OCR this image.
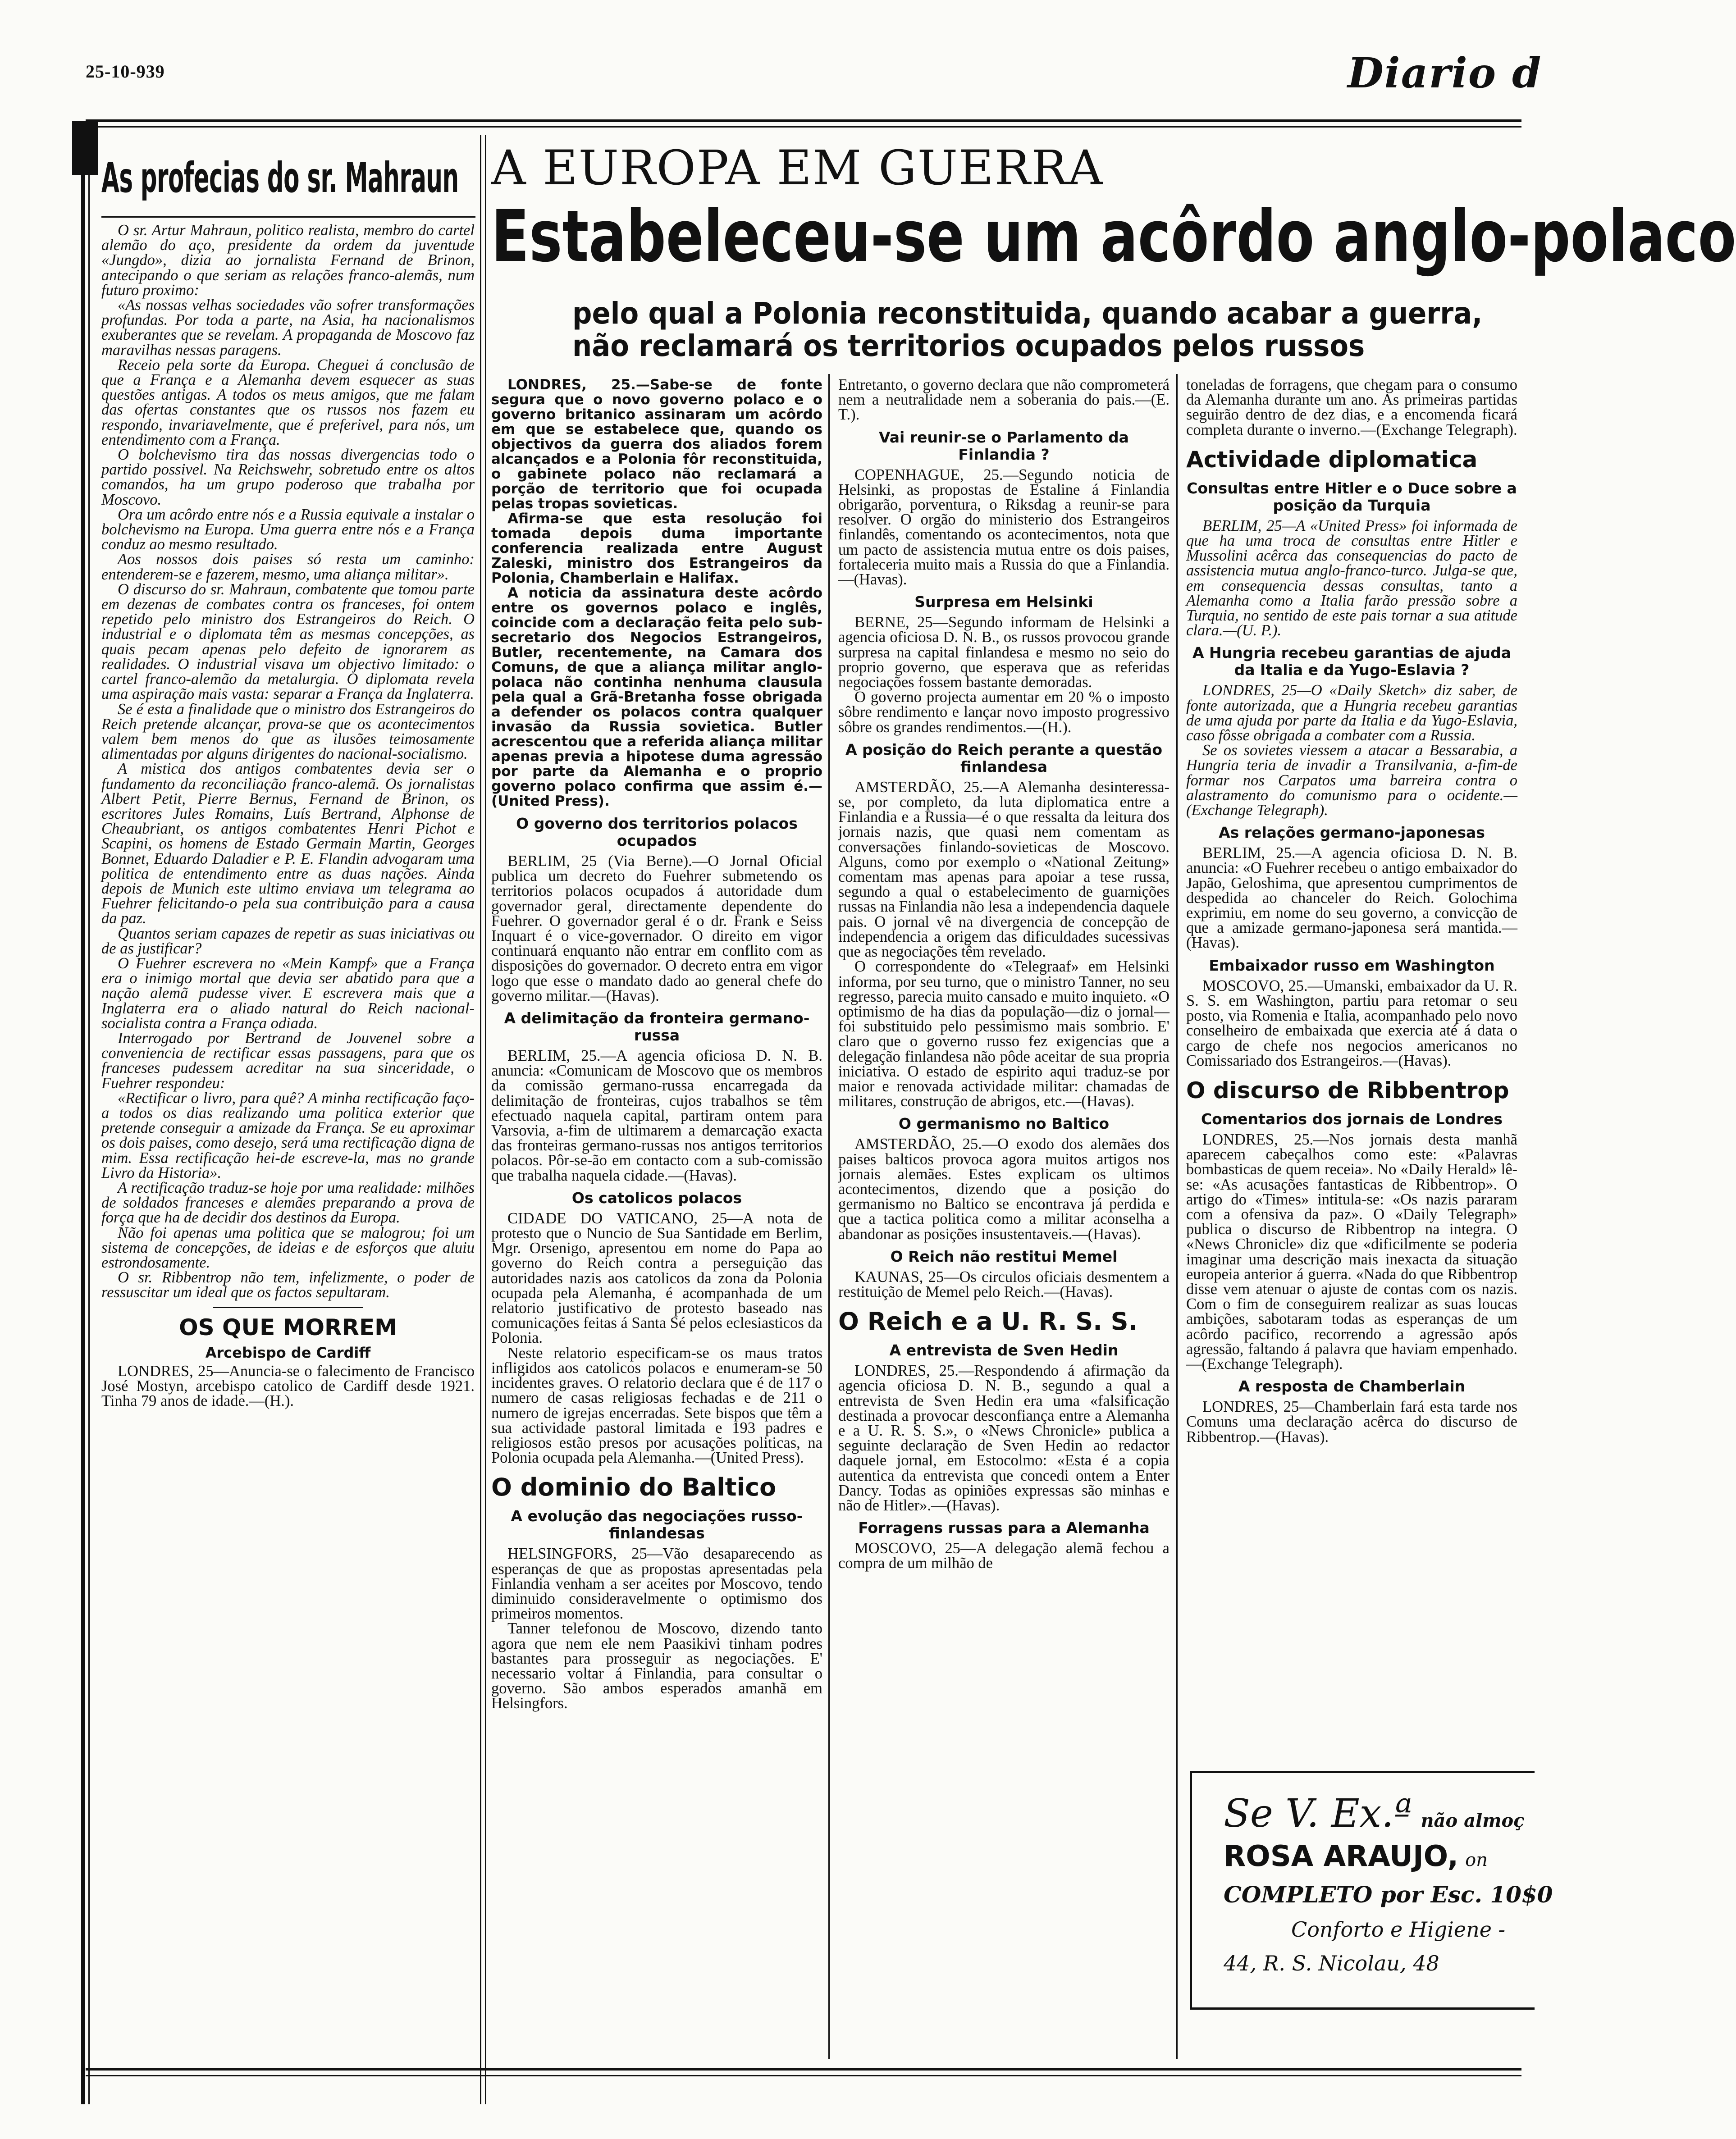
25-10-939	Diario d
As profecias do sr. Mahraun

O sr. Artur Mahraun, politico realista, membro do cartel alemão do aço, presidente da ordem da juventude «Jungdo», dizia ao jornalista Fernand de Brinon, antecipando o que seriam as relações franco-alemãs, num futuro proximo:

«As nossas velhas sociedades vão sofrer transformações profundas. Por toda a parte, na Asia, ha nacionalismos exuberantes que se revelam. A propaganda de Moscovo faz maravilhas nessas paragens.

Receio pela sorte da Europa. Cheguei á conclusão de que a França e a Alemanha devem esquecer as suas questões antigas. A todos os meus amigos, que me falam das ofertas constantes que os russos nos fazem eu respondo, invariavelmente, que é preferivel, para nós, um entendimento com a França.

O bolchevismo tira das nossas divergencias todo o partido possivel. Na Reichswehr, sobretudo entre os altos comandos, ha um grupo poderoso que trabalha por Moscovo.

Ora um acôrdo entre nós e a Russia equivale a instalar o bolchevismo na Europa. Uma guerra entre nós e a França conduz ao mesmo resultado.

Aos nossos dois paises só resta um caminho: entenderem-se e fazerem, mesmo, uma aliança militar».

O discurso do sr. Mahraun, combatente que tomou parte em dezenas de combates contra os franceses, foi ontem repetido pelo ministro dos Estrangeiros do Reich. O industrial e o diplomata têm as mesmas concepções, as quais pecam apenas pelo defeito de ignorarem as realidades. O industrial visava um objectivo limitado: o cartel franco-alemão da metalurgia. O diplomata revela uma aspiração mais vasta: separar a França da Inglaterra.

Se é esta a finalidade que o ministro dos Estrangeiros do Reich pretende alcançar, prova-se que os acontecimentos valem bem menos do que as ilusões teimosamente alimentadas por alguns dirigentes do nacional-socialismo.

A mistica dos antigos combatentes devia ser o fundamento da reconciliação franco-alemã. Os jornalistas Albert Petit, Pierre Bernus, Fernand de Brinon, os escritores Jules Romains, Luís Bertrand, Alphonse de Cheaubriant, os antigos combatentes Henri Pichot e Scapini, os homens de Estado Germain Martin, Georges Bonnet, Eduardo Daladier e P. E. Flandin advogaram uma politica de entendimento entre as duas nações. Ainda depois de Munich este ultimo enviava um telegrama ao Fuehrer felicitando-o pela sua contribuição para a causa da paz.

Quantos seriam capazes de repetir as suas iniciativas ou de as justificar?

O Fuehrer escrevera no «Mein Kampf» que a França era o inimigo mortal que devia ser abatido para que a nação alemã pudesse viver. E escrevera mais que a Inglaterra era o aliado natural do Reich nacional-socialista contra a França odiada.

Interrogado por Bertrand de Jouvenel sobre a conveniencia de rectificar essas passagens, para que os franceses pudessem acreditar na sua sinceridade, o Fuehrer respondeu:

«Rectificar o livro, para quê? A minha rectificação faço-a todos os dias realizando uma politica exterior que pretende conseguir a amizade da França. Se eu aproximar os dois paises, como desejo, será uma rectificação digna de mim. Essa rectificação hei-de escreve-la, mas no grande Livro da Historia».

A rectificação traduz-se hoje por uma realidade: milhões de soldados franceses e alemães preparando a prova de força que ha de decidir dos destinos da Europa.

Não foi apenas uma politica que se malogrou; foi um sistema de concepções, de ideias e de esforços que aluiu estrondosamente.

O sr. Ribbentrop não tem, infelizmente, o poder de ressuscitar um ideal que os factos sepultaram.

OS QUE MORREM
Arcebispo de Cardiff

LONDRES, 25—Anuncia-se o falecimento de Francisco José Mostyn, arcebispo catolico de Cardiff desde 1921. Tinha 79 anos de idade.—(H.).

A EUROPA EM GUERRA
Estabeleceu-se um acôrdo anglo-polaco
pelo qual a Polonia reconstituida, quando acabar a guerra,
não reclamará os territorios ocupados pelos russos

LONDRES, 25.—Sabe-se de fonte segura que o novo governo polaco e o governo britanico assinaram um acôrdo em que se estabelece que, quando os objectivos da guerra dos aliados forem alcançados e a Polonia fôr reconstituida, o gabinete polaco não reclamará a porção de territorio que foi ocupada pelas tropas sovieticas.

Afirma-se que esta resolução foi tomada depois duma importante conferencia realizada entre August Zaleski, ministro dos Estrangeiros da Polonia, Chamberlain e Halifax.

A noticia da assinatura deste acôrdo entre os governos polaco e inglês, coincide com a declaração feita pelo sub-secretario dos Negocios Estrangeiros, Butler, recentemente, na Camara dos Comuns, de que a aliança militar anglo-polaca não continha nenhuma clausula pela qual a Grã-Bretanha fosse obrigada a defender os polacos contra qualquer invasão da Russia sovietica. Butler acrescentou que a referida aliança militar apenas previa a hipotese duma agressão por parte da Alemanha e o proprio governo polaco confirma que assim é.—(United Press).

O governo dos territorios polacos ocupados

BERLIM, 25 (Via Berne).—O Jornal Oficial publica um decreto do Fuehrer submetendo os territorios polacos ocupados á autoridade dum governador geral, directamente dependente do Fuehrer. O governador geral é o dr. Frank e Seiss Inquart é o vice-governador. O direito em vigor continuará enquanto não entrar em conflito com as disposições do governador. O decreto entra em vigor logo que esse o mandato dado ao general chefe do governo militar.—(Havas).

A delimitação da fronteira germano-russa

BERLIM, 25.—A agencia oficiosa D. N. B. anuncia: «Comunicam de Moscovo que os membros da comissão germano-russa encarregada da delimitação de fronteiras, cujos trabalhos se têm efectuado naquela capital, partiram ontem para Varsovia, a-fim de ultimarem a demarcação exacta das fronteiras germano-russas nos antigos territorios polacos. Pôr-se-ão em contacto com a sub-comissão que trabalha naquela cidade.—(Havas).

Os catolicos polacos

CIDADE DO VATICANO, 25—A nota de protesto que o Nuncio de Sua Santidade em Berlim, Mgr. Orsenigo, apresentou em nome do Papa ao governo do Reich contra a perseguição das autoridades nazis aos catolicos da zona da Polonia ocupada pela Alemanha, é acompanhada de um relatorio justificativo de protesto baseado nas comunicações feitas á Santa Sé pelos eclesiasticos da Polonia.

Neste relatorio especificam-se os maus tratos infligidos aos catolicos polacos e enumeram-se 50 incidentes graves. O relatorio declara que é de 117 o numero de casas religiosas fechadas e de 211 o numero de igrejas encerradas. Sete bispos que têm a sua actividade pastoral limitada e 193 padres e religiosos estão presos por acusações politicas, na Polonia ocupada pela Alemanha.—(United Press).

O dominio do Baltico
A evolução das negociações russo-finlandesas

HELSINGFORS, 25—Vão desaparecendo as esperanças de que as propostas apresentadas pela Finlandia venham a ser aceites por Moscovo, tendo diminuido consideravelmente o optimismo dos primeiros momentos.

Tanner telefonou de Moscovo, dizendo tanto agora que nem ele nem Paasikivi tinham podres bastantes para prosseguir as negociações. E' necessario voltar á Finlandia, para consultar o governo. São ambos esperados amanhã em Helsingfors.

Entretanto, o governo declara que não comprometerá nem a neutralidade nem a soberania do pais.—(E. T.).

Vai reunir-se o Parlamento da Finlandia ?

COPENHAGUE, 25.—Segundo noticia de Helsinki, as propostas de Estaline á Finlandia obrigarão, porventura, o Riksdag a reunir-se para resolver. O orgão do ministerio dos Estrangeiros finlandês, comentando os acontecimentos, nota que um pacto de assistencia mutua entre os dois paises, fortaleceria muito mais a Russia do que a Finlandia.—(Havas).

Surpresa em Helsinki

BERNE, 25—Segundo informam de Helsinki a agencia oficiosa D. N. B., os russos provocou grande surpresa na capital finlandesa e mesmo no seio do proprio governo, que esperava que as referidas negociações fossem bastante demoradas.

O governo projecta aumentar em 20 % o imposto sôbre rendimento e lançar novo imposto progressivo sôbre os grandes rendimentos.—(H.).

A posição do Reich perante a questão finlandesa

AMSTERDÃO, 25.—A Alemanha desinteressa-se, por completo, da luta diplomatica entre a Finlandia e a Russia—é o que ressalta da leitura dos jornais nazis, que quasi nem comentam as conversações finlando-sovieticas de Moscovo. Alguns, como por exemplo o «National Zeitung» comentam mas apenas para apoiar a tese russa, segundo a qual o estabelecimento de guarnições russas na Finlandia não lesa a independencia daquele pais. O jornal vê na divergencia de concepção de independencia a origem das dificuldades sucessivas que as negociações têm revelado.

O correspondente do «Telegraaf» em Helsinki informa, por seu turno, que o ministro Tanner, no seu regresso, parecia muito cansado e muito inquieto. «O optimismo de ha dias da população—diz o jornal—foi substituido pelo pessimismo mais sombrio. E' claro que o governo russo fez exigencias que a delegação finlandesa não pôde aceitar de sua propria iniciativa. O estado de espirito aqui traduz-se por maior e renovada actividade militar: chamadas de militares, construção de abrigos, etc.—(Havas).

O germanismo no Baltico

AMSTERDÃO, 25.—O exodo dos alemães dos paises balticos provoca agora muitos artigos nos jornais alemães. Estes explicam os ultimos acontecimentos, dizendo que a posição do germanismo no Baltico se encontrava já perdida e que a tactica politica como a militar aconselha a abandonar as posições insustentaveis.—(Havas).

O Reich não restitui Memel

KAUNAS, 25—Os circulos oficiais desmentem a restituição de Memel pelo Reich.—(Havas).

O Reich e a U. R. S. S.
A entrevista de Sven Hedin

LONDRES, 25.—Respondendo á afirmação da agencia oficiosa D. N. B., segundo a qual a entrevista de Sven Hedin era uma «falsificação destinada a provocar desconfiança entre a Alemanha e a U. R. S. S.», o «News Chronicle» publica a seguinte declaração de Sven Hedin ao redactor daquele jornal, em Estocolmo: «Esta é a copia autentica da entrevista que concedi ontem a Enter Dancy. Todas as opiniões expressas são minhas e não de Hitler».—(Havas).

Forragens russas para a Alemanha

MOSCOVO, 25—A delegação alemã fechou a compra de um milhão de

toneladas de forragens, que chegam para o consumo da Alemanha durante um ano. As primeiras partidas seguirão dentro de dez dias, e a encomenda ficará completa durante o inverno.—(Exchange Telegraph).

Actividade diplomatica
Consultas entre Hitler e o Duce sobre a posição da Turquia

BERLIM, 25—A «United Press» foi informada de que ha uma troca de consultas entre Hitler e Mussolini acêrca das consequencias do pacto de assistencia mutua anglo-franco-turco. Julga-se que, em consequencia dessas consultas, tanto a Alemanha como a Italia farão pressão sobre a Turquia, no sentido de este pais tornar a sua atitude clara.—(U. P.).

A Hungria recebeu garantias de ajuda da Italia e da Yugo-Eslavia ?

LONDRES, 25—O «Daily Sketch» diz saber, de fonte autorizada, que a Hungria recebeu garantias de uma ajuda por parte da Italia e da Yugo-Eslavia, caso fôsse obrigada a combater com a Russia.

Se os sovietes viessem a atacar a Bessarabia, a Hungria teria de invadir a Transilvania, a-fim-de formar nos Carpatos uma barreira contra o alastramento do comunismo para o ocidente.—(Exchange Telegraph).

As relações germano-japonesas

BERLIM, 25.—A agencia oficiosa D. N. B. anuncia: «O Fuehrer recebeu o antigo embaixador do Japão, Geloshima, que apresentou cumprimentos de despedida ao chanceler do Reich. Golochima exprimiu, em nome do seu governo, a convicção de que a amizade germano-japonesa será mantida.—(Havas).

Embaixador russo em Washington

MOSCOVO, 25.—Umanski, embaixador da U. R. S. S. em Washington, partiu para retomar o seu posto, via Romenia e Italia, acompanhado pelo novo conselheiro de embaixada que exercia até á data o cargo de chefe nos negocios americanos no Comissariado dos Estrangeiros.—(Havas).

O discurso de Ribbentrop
Comentarios dos jornais de Londres

LONDRES, 25.—Nos jornais desta manhã aparecem cabeçalhos como este: «Palavras bombasticas de quem receia». No «Daily Herald» lê-se: «As acusações fantasticas de Ribbentrop». O artigo do «Times» intitula-se: «Os nazis pararam com a ofensiva da paz». O «Daily Telegraph» publica o discurso de Ribbentrop na integra. O «News Chronicle» diz que «dificilmente se poderia imaginar uma descrição mais inexacta da situação europeia anterior á guerra. «Nada do que Ribbentrop disse vem atenuar o ajuste de contas com os nazis. Com o fim de conseguirem realizar as suas loucas ambições, sabotaram todas as esperanças de um acôrdo pacifico, recorrendo a agressão após agressão, faltando á palavra que haviam empenhado.—(Exchange Telegraph).

A resposta de Chamberlain

LONDRES, 25—Chamberlain fará esta tarde nos Comuns uma declaração acêrca do discurso de Ribbentrop.—(Havas).

Se V. Ex.ª não almoç
ROSA ARAUJO, on
COMPLETO por Esc. 10$0
Conforto e Higiene -
44, R. S. Nicolau, 48
